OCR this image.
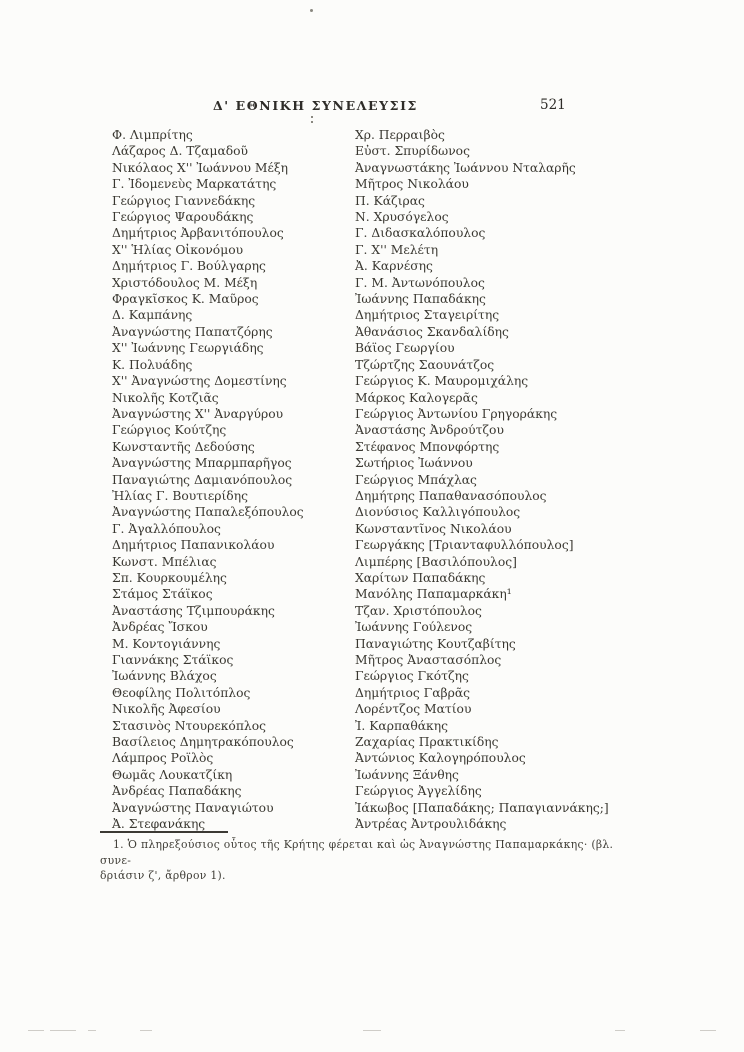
Δ' ΕΘΝΙΚΗ ΣΥΝΕΛΕΥΣΙΣ	521
Φ. Λιμπρίτης
Λάζαρος Δ. Τζαμαδοῦ
Νικόλαος Χ'' Ἰωάννου Μέξη
Γ. Ἰδομενεὺς Μαρκατάτης
Γεώργιος Γιαννεδάκης
Γεώργιος Ψαρουδάκης
Δημήτριος Ἀρβανιτόπουλος
Χ'' Ἡλίας Οἰκονόμου
Δημήτριος Γ. Βούλγαρης
Χριστόδουλος Μ. Μέξη
Φραγκῖσκος Κ. Μαῦρος
Δ. Καμπάνης
Ἀναγνώστης Παπατζόρης
Χ'' Ἰωάννης Γεωργιάδης
Κ. Πολυάδης
Χ'' Ἀναγνώστης Δομεστίνης
Νικολῆς Κοτζιᾶς
Ἀναγνώστης Χ'' Ἀναργύρου
Γεώργιος Κούτζης
Κωνσταντῆς Δεδούσης
Ἀναγνώστης Μπαρμπαρῆγος
Παναγιώτης Δαμιανόπουλος
Ἠλίας Γ. Βουτιερίδης
Ἀναγνώστης Παπαλεξόπουλος
Γ. Ἀγαλλόπουλος
Δημήτριος Παπανικολάου
Κωνστ. Μπέλιας
Σπ. Κουρκουμέλης
Στάμος Στάϊκος
Ἀναστάσης Τζιμπουράκης
Ἀνδρέας Ἴσκου
Μ. Κοντογιάννης
Γιαννάκης Στάϊκος
Ἰωάννης Βλάχος
Θεοφίλης Πολιτόπλος
Νικολῆς Ἀφεσίου
Στασινὸς Ντουρεκόπλος
Βασίλειος Δημητρακόπουλος
Λάμπρος Ροϊλὸς
Θωμᾶς Λουκατζίκη
Ἀνδρέας Παπαδάκης
Ἀναγνώστης Παναγιώτου
Ἀ. Στεφανάκης
Χρ. Περραιβὸς
Εὐστ. Σπυρίδωνος
Ἀναγνωστάκης Ἰωάννου Νταλαρῆς
Μῆτρος Νικολάου
Π. Κάζιρας
Ν. Χρυσόγελος
Γ. Διδασκαλόπουλος
Γ. Χ'' Μελέτη
Ἀ. Καρνέσης
Γ. Μ. Ἀντωνόπουλος
Ἰωάννης Παπαδάκης
Δημήτριος Σταγειρίτης
Ἀθανάσιος Σκανδαλίδης
Βάϊος Γεωργίου
Τζώρτζης Σαουνάτζος
Γεώργιος Κ. Μαυρομιχάλης
Μάρκος Καλογερᾶς
Γεώργιος Ἀντωνίου Γρηγοράκης
Ἀναστάσης Ἀνδρούτζου
Στέφανος Μπονφόρτης
Σωτήριος Ἰωάννου
Γεώργιος Μπάχλας
Δημήτρης Παπαθανασόπουλος
Διονύσιος Καλλιγόπουλος
Κωνσταντῖνος Νικολάου
Γεωργάκης [Τριανταφυλλόπουλος]
Λιμπέρης [Βασιλόπουλος]
Χαρίτων Παπαδάκης
Μανόλης Παπαμαρκάκη¹
Τζαν. Χριστόπουλος
Ἰωάννης Γούλενος
Παναγιώτης Κουτζαβίτης
Μῆτρος Ἀναστασόπλος
Γεώργιος Γκότζης
Δημήτριος Γαβρᾶς
Λορέντζος Ματίου
Ἰ. Καρπαθάκης
Ζαχαρίας Πρακτικίδης
Ἀντώνιος Καλογηρόπουλος
Ἰωάννης Ξάνθης
Γεώργιος Ἀγγελίδης
Ἰάκωβος [Παπαδάκης; Παπαγιαννάκης;]
Ἀντρέας Ἀντρουλιδάκης
1. Ὁ πληρεξούσιος οὗτος τῆς Κρήτης φέρεται καὶ ὡς Ἀναγνώστης Παπαμαρκάκης· (βλ. συνε-
δριάσιν ζ', ἄρθρον 1).
